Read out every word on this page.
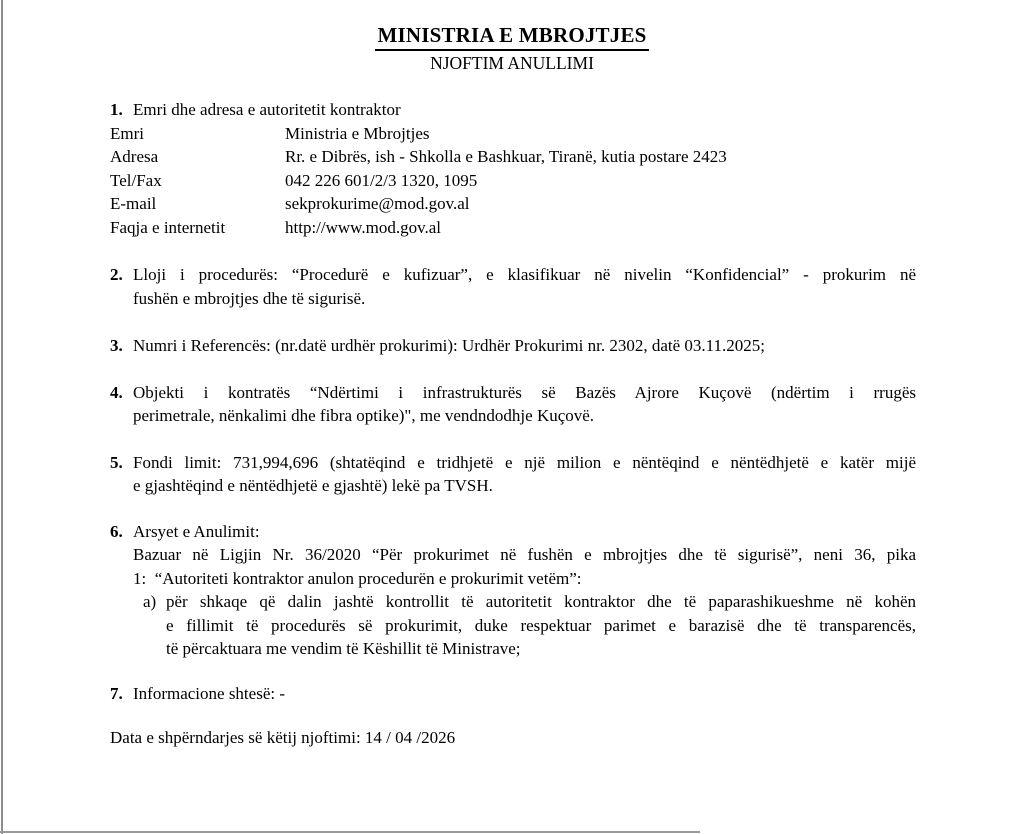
MINISTRIA E MBROJTJES
NJOFTIM ANULLIMI
1. Emri dhe adresa e autoritetit kontraktor
Emri	Ministria e Mbrojtjes
Adresa	Rr. e Dibrës, ish - Shkolla e Bashkuar, Tiranë, kutia postare 2423
Tel/Fax	042 226 601/2/3 1320, 1095
E-mail	sekprokurime@mod.gov.al
Faqja e internetit	http://www.mod.gov.al
2. Lloji i procedurës: “Procedurë e kufizuar”, e klasifikuar në nivelin “Konfidencial” - prokurim në
fushën e mbrojtjes dhe të sigurisë.
3. Numri i Referencës: (nr.datë urdhër prokurimi): Urdhër Prokurimi nr. 2302, datë 03.11.2025;
4. Objekti i kontratës “Ndërtimi i infrastrukturës së Bazës Ajrore Kuçovë (ndërtim i rrugës
perimetrale, nënkalimi dhe fibra optike)", me vendndodhje Kuçovë.
5. Fondi limit: 731,994,696 (shtatëqind e tridhjetë e një milion e nëntëqind e nëntëdhjetë e katër mijë
e gjashtëqind e nëntëdhjetë e gjashtë) lekë pa TVSH.
6. Arsyet e Anulimit:
Bazuar në Ligjin Nr. 36/2020 “Për prokurimet në fushën e mbrojtjes dhe të sigurisë”, neni 36, pika
1:  “Autoriteti kontraktor anulon procedurën e prokurimit vetëm”:
a) për shkaqe që dalin jashtë kontrollit të autoritetit kontraktor dhe të paparashikueshme në kohën
e fillimit të procedurës së prokurimit, duke respektuar parimet e barazisë dhe të transparencës,
të përcaktuara me vendim të Këshillit të Ministrave;
7. Informacione shtesë: -
Data e shpërndarjes së këtij njoftimi: 14 / 04 /2026
